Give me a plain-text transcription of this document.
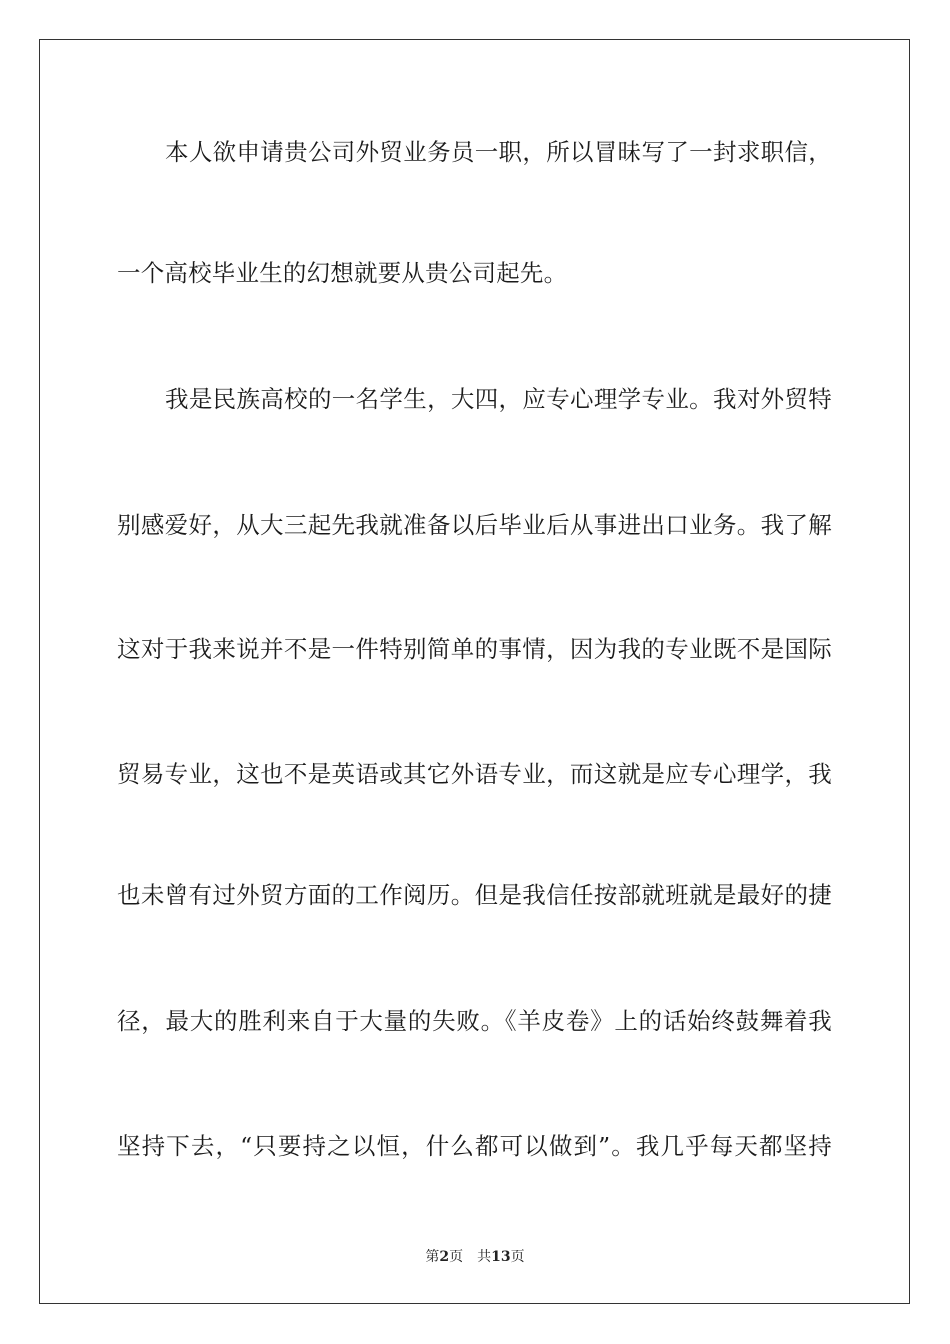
本人欲申请贵公司外贸业务员一职，所以冒昧写了一封求职信，
一个高校毕业生的幻想就要从贵公司起先。
我是民族高校的一名学生，大四，应专心理学专业。我对外贸特
别感爱好，从大三起先我就准备以后毕业后从事进出口业务。我了解
这对于我来说并不是一件特别简单的事情，因为我的专业既不是国际
贸易专业，这也不是英语或其它外语专业，而这就是应专心理学，我
也未曾有过外贸方面的工作阅历。但是我信任按部就班就是最好的捷
径，最大的胜利来自于大量的失败。《羊皮卷》上的话始终鼓舞着我
坚持下去，“只要持之以恒，什么都可以做到”。我几乎每天都坚持
第2页 共13页
